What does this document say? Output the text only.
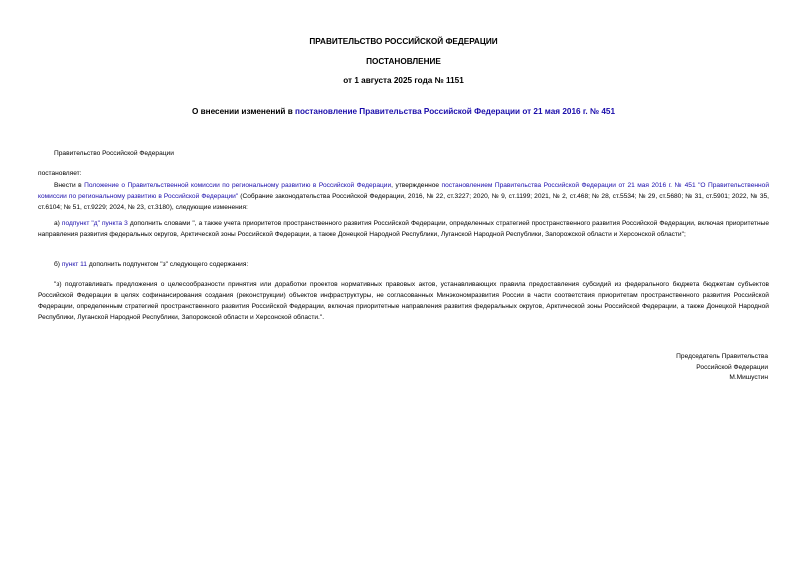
ПРАВИТЕЛЬСТВО РОССИЙСКОЙ ФЕДЕРАЦИИ
ПОСТАНОВЛЕНИЕ
от 1 августа 2025 года № 1151
О внесении изменений в постановление Правительства Российской Федерации от 21 мая 2016 г. № 451
Правительство Российской Федерации
постановляет:
Внести в Положение о Правительственной комиссии по региональному развитию в Российской Федерации, утвержденное постановлением Правительства Российской Федерации от 21 мая 2016 г. № 451 "О Правительственной комиссии по региональному развитию в Российской Федерации" (Собрание законодательства Российской Федерации, 2016, № 22, ст.3227; 2020, № 9, ст.1199; 2021, № 2, ст.468; № 28, ст.5534; № 29, ст.5680; № 31, ст.5901; 2022, № 35, ст.6104; № 51, ст.9229; 2024, № 23, ст.3180), следующие изменения:
а) подпункт "д" пункта 3 дополнить словами ", а также учета приоритетов пространственного развития Российской Федерации, определенных стратегией пространственного развития Российской Федерации, включая приоритетные направления развития федеральных округов, Арктической зоны Российской Федерации, а также Донецкой Народной Республики, Луганской Народной Республики, Запорожской области и Херсонской области";
б) пункт 11 дополнить подпунктом "з" следующего содержания:
"з) подготавливать предложения о целесообразности принятия или доработки проектов нормативных правовых актов, устанавливающих правила предоставления субсидий из федерального бюджета бюджетам субъектов Российской Федерации в целях софинансирования создания (реконструкции) объектов инфраструктуры, не согласованных Минэкономразвития России в части соответствия приоритетам пространственного развития Российской Федерации, определенным стратегией пространственного развития Российской Федерации, включая приоритетные направления развития федеральных округов, Арктической зоны Российской Федерации, а также Донецкой Народной Республики, Луганской Народной Республики, Запорожской области и Херсонской области.".
Председатель Правительства
Российской Федерации
М.Мишустин
